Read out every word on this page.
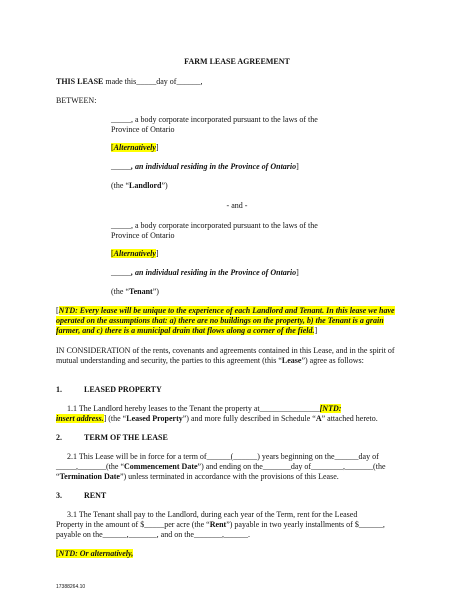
FARM LEASE AGREEMENT
THIS LEASE made this_____day of______,
BETWEEN:
_____, a body corporate incorporated pursuant to the laws of the
Province of Ontario
[Alternatively]
_____, an individual residing in the Province of Ontario]
(the “Landlord”)
- and -
_____, a body corporate incorporated pursuant to the laws of the
Province of Ontario
[Alternatively]
_____, an individual residing in the Province of Ontario]
(the “Tenant”)
[NTD: Every lease will be unique to the experience of each Landlord and Tenant. In this lease we have
operated on the assumptions that: a) there are no buildings on the property, b) the Tenant is a grain
farmer, and c) there is a municipal drain that flows along a corner of the field.]
IN CONSIDERATION of the rents, covenants and agreements contained in this Lease, and in the spirit of
mutual understanding and security, the parties to this agreement (this “Lease”) agree as follows:
1.	LEASED PROPERTY
1.1 The Landlord hereby leases to the Tenant the property at_______________[NTD:
insert address.] (the “Leased Property”) and more fully described in Schedule “A” attached hereto.
2.	TERM OF THE LEASE
2.1 This Lease will be in force for a term of______(______) years beginning on the______day of
_____,_______(the “Commencement Date”) and ending on the_______day of________,_______(the
“Termination Date”) unless terminated in accordance with the provisions of this Lease.
3.	RENT
3.1 The Tenant shall pay to the Landlord, during each year of the Term, rent for the Leased
Property in the amount of $_____per acre (the “Rent”) payable in two yearly installments of $______,
payable on the______,_______, and on the_______,______.
[NTD: Or alternatively,
17388264.10
